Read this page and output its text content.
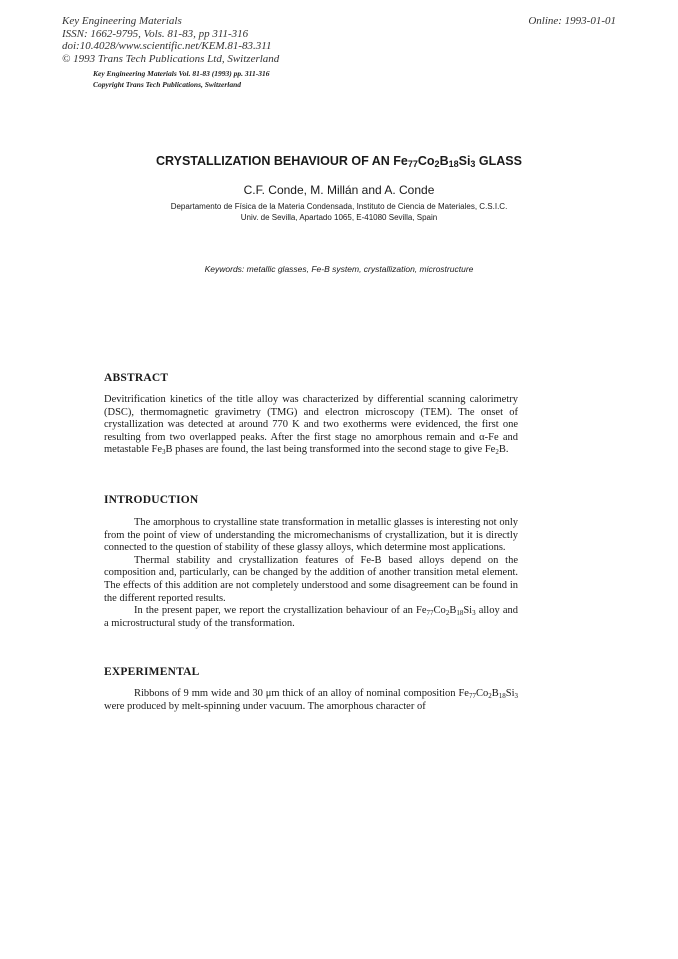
Key Engineering Materials
ISSN: 1662-9795, Vols. 81-83, pp 311-316
doi:10.4028/www.scientific.net/KEM.81-83.311
© 1993 Trans Tech Publications Ltd, Switzerland
Online: 1993-01-01
Key Engineering Materials Vol. 81-83 (1993) pp. 311-316
Copyright Trans Tech Publications, Switzerland
CRYSTALLIZATION BEHAVIOUR OF AN $Fe_{77}Co_2B_{18}Si_3$ GLASS
C.F. Conde, M. Millán and A. Conde
Departamento de Física de la Materia Condensada, Instituto de Ciencia de Materiales, C.S.I.C.
Univ. de Sevilla, Apartado 1065, E-41080 Sevilla, Spain
Keywords: metallic glasses, Fe-B system, crystallization, microstructure
ABSTRACT

Devitrification kinetics of the title alloy was characterized by differential scanning calorimetry (DSC), thermomagnetic gravimetry (TMG) and electron microscopy (TEM). The onset of crystallization was detected at around 770 K and two exotherms were evidenced, the first one resulting from two overlapped peaks. After the first stage no amorphous remain and α-Fe and metastable $Fe_3B$ phases are found, the last being transformed into the second stage to give $Fe_2B$.

INTRODUCTION

The amorphous to crystalline state transformation in metallic glasses is interesting not only from the point of view of understanding the micromechanisms of crystallization, but it is directly connected to the question of stability of these glassy alloys, which determine most applications.

Thermal stability and crystallization features of Fe-B based alloys depend on the composition and, particularly, can be changed by the addition of another transition metal element. The effects of this addition are not completely understood and some disagreement can be found in the different reported results.

In the present paper, we report the crystallization behaviour of an $Fe_{77}Co_2B_{18}Si_3$ alloy and a microstructural study of the transformation.

EXPERIMENTAL

Ribbons of 9 mm wide and 30 μm thick of an alloy of nominal composition $Fe_{77}Co_2B_{18}Si_3$ were produced by melt-spinning under vacuum. The amorphous character of
